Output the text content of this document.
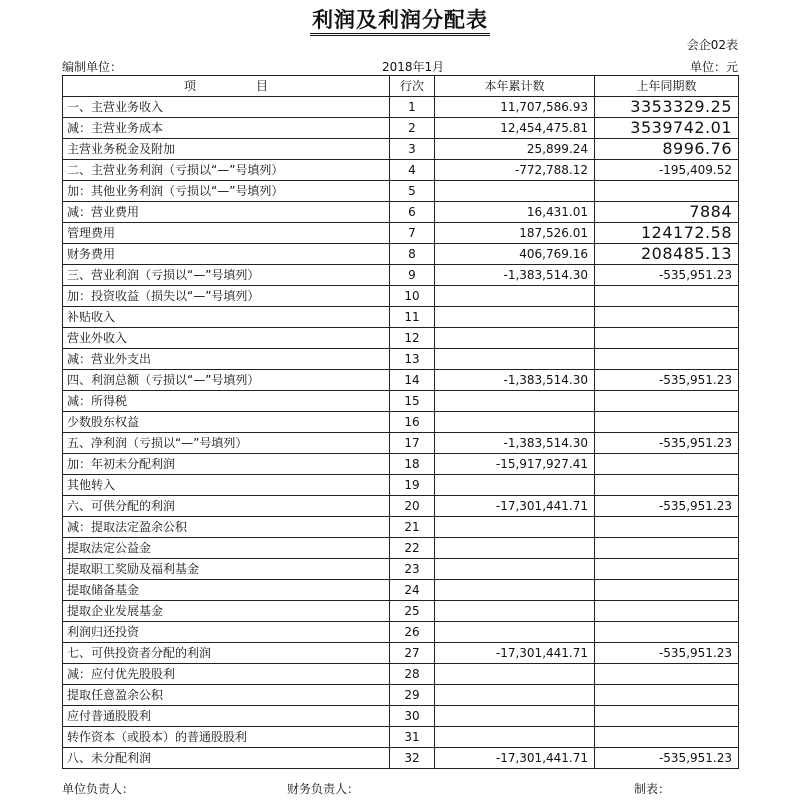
利润及利润分配表
会企02表
编制单位：	2018年1月	单位：元
项　　　　　目	行次	本年累计数	上年同期数
一、主营业务收入	1	11,707,586.93	3353329.25
减：主营业务成本	2	12,454,475.81	3539742.01
主营业务税金及附加	3	25,899.24	8996.76
二、主营业务利润（亏损以“—”号填列）	4	-772,788.12	-195,409.52
加：其他业务利润（亏损以“—”号填列）	5		
减：营业费用	6	16,431.01	7884
管理费用	7	187,526.01	124172.58
财务费用	8	406,769.16	208485.13
三、营业利润（亏损以“—”号填列）	9	-1,383,514.30	-535,951.23
加：投资收益（损失以“—”号填列）	10		
补贴收入	11		
营业外收入	12		
减：营业外支出	13		
四、利润总额（亏损以“—”号填列）	14	-1,383,514.30	-535,951.23
减：所得税	15		
少数股东权益	16		
五、净利润（亏损以“—”号填列）	17	-1,383,514.30	-535,951.23
加：年初未分配利润	18	-15,917,927.41	
其他转入	19		
六、可供分配的利润	20	-17,301,441.71	-535,951.23
减：提取法定盈余公积	21		
提取法定公益金	22		
提取职工奖励及福利基金	23		
提取储备基金	24		
提取企业发展基金	25		
利润归还投资	26		
七、可供投资者分配的利润	27	-17,301,441.71	-535,951.23
减：应付优先股股利	28		
提取任意盈余公积	29		
应付普通股股利	30		
转作资本（或股本）的普通股股利	31		
八、未分配利润	32	-17,301,441.71	-535,951.23
单位负责人：	财务负责人：	制表：
